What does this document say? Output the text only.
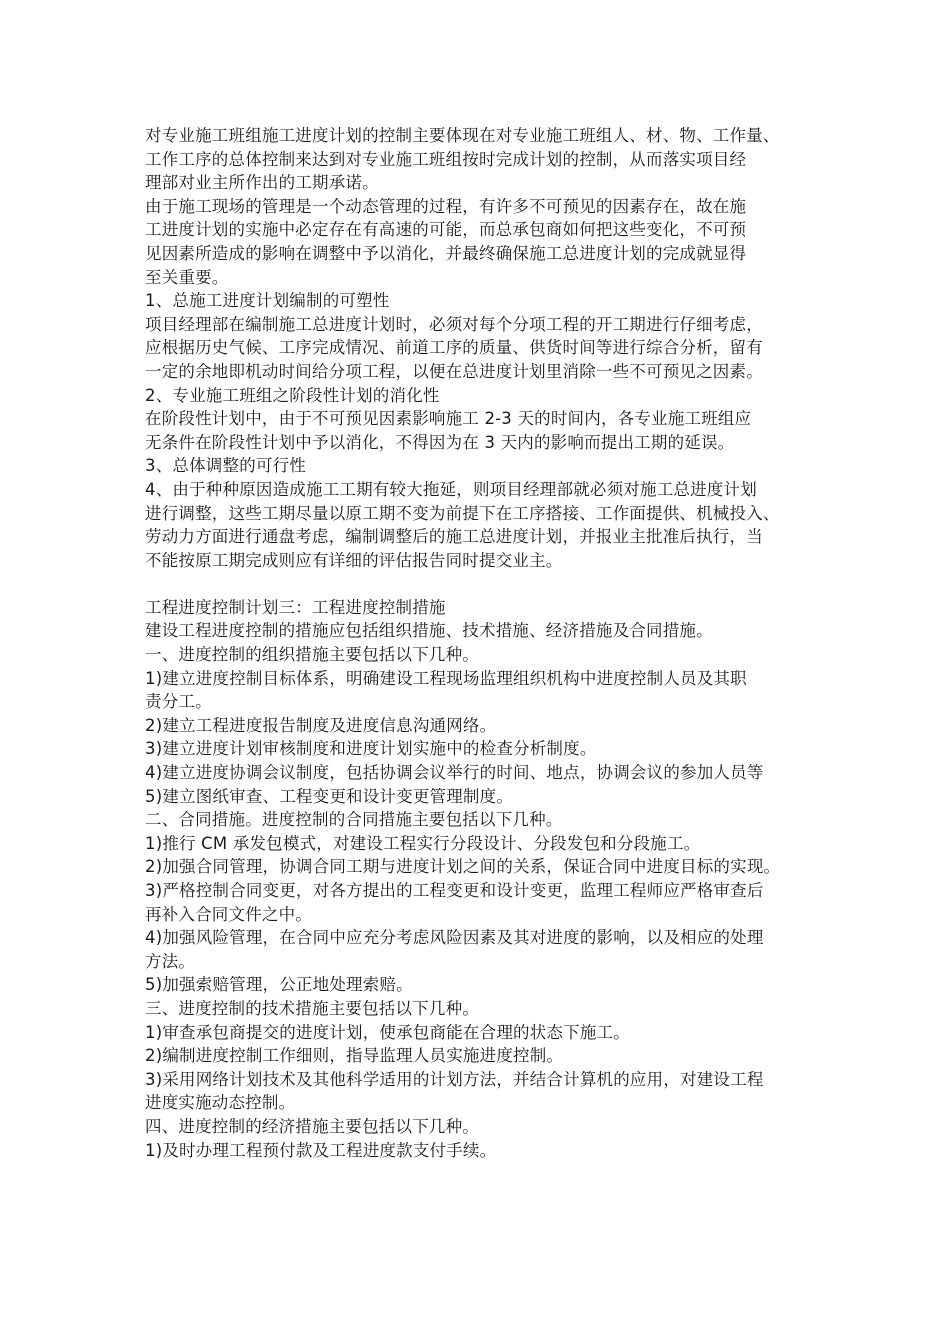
对专业施工班组施工进度计划的控制主要体现在对专业施工班组人、材、物、工作量、
工作工序的总体控制来达到对专业施工班组按时完成计划的控制，从而落实项目经
理部对业主所作出的工期承诺。
由于施工现场的管理是一个动态管理的过程，有许多不可预见的因素存在，故在施
工进度计划的实施中必定存在有高速的可能，而总承包商如何把这些变化，不可预
见因素所造成的影响在调整中予以消化，并最终确保施工总进度计划的完成就显得
至关重要。
1、总施工进度计划编制的可塑性
项目经理部在编制施工总进度计划时，必须对每个分项工程的开工期进行仔细考虑，
应根据历史气候、工序完成情况、前道工序的质量、供货时间等进行综合分析，留有
一定的余地即机动时间给分项工程，以便在总进度计划里消除一些不可预见之因素。
2、专业施工班组之阶段性计划的消化性
在阶段性计划中，由于不可预见因素影响施工 2-3 天的时间内，各专业施工班组应
无条件在阶段性计划中予以消化，不得因为在 3 天内的影响而提出工期的延误。
3、总体调整的可行性
4、由于种种原因造成施工工期有较大拖延，则项目经理部就必须对施工总进度计划
进行调整，这些工期尽量以原工期不变为前提下在工序搭接、工作面提供、机械投入、
劳动力方面进行通盘考虑，编制调整后的施工总进度计划，并报业主批准后执行，当
不能按原工期完成则应有详细的评估报告同时提交业主。
工程进度控制计划三：工程进度控制措施
建设工程进度控制的措施应包括组织措施、技术措施、经济措施及合同措施。
一、进度控制的组织措施主要包括以下几种。
1)建立进度控制目标体系，明确建设工程现场监理组织机构中进度控制人员及其职
责分工。
2)建立工程进度报告制度及进度信息沟通网络。
3)建立进度计划审核制度和进度计划实施中的检查分析制度。
4)建立进度协调会议制度，包括协调会议举行的时间、地点，协调会议的参加人员等
5)建立图纸审查、工程变更和设计变更管理制度。
二、合同措施。进度控制的合同措施主要包括以下几种。
1)推行 CM 承发包模式，对建设工程实行分段设计、分段发包和分段施工。
2)加强合同管理，协调合同工期与进度计划之间的关系，保证合同中进度目标的实现。
3)严格控制合同变更，对各方提出的工程变更和设计变更，监理工程师应严格审查后
再补入合同文件之中。
4)加强风险管理，在合同中应充分考虑风险因素及其对进度的影响，以及相应的处理
方法。
5)加强索赔管理，公正地处理索赔。
三、进度控制的技术措施主要包括以下几种。
1)审查承包商提交的进度计划，使承包商能在合理的状态下施工。
2)编制进度控制工作细则，指导监理人员实施进度控制。
3)采用网络计划技术及其他科学适用的计划方法，并结合计算机的应用，对建设工程
进度实施动态控制。
四、进度控制的经济措施主要包括以下几种。
1)及时办理工程预付款及工程进度款支付手续。
